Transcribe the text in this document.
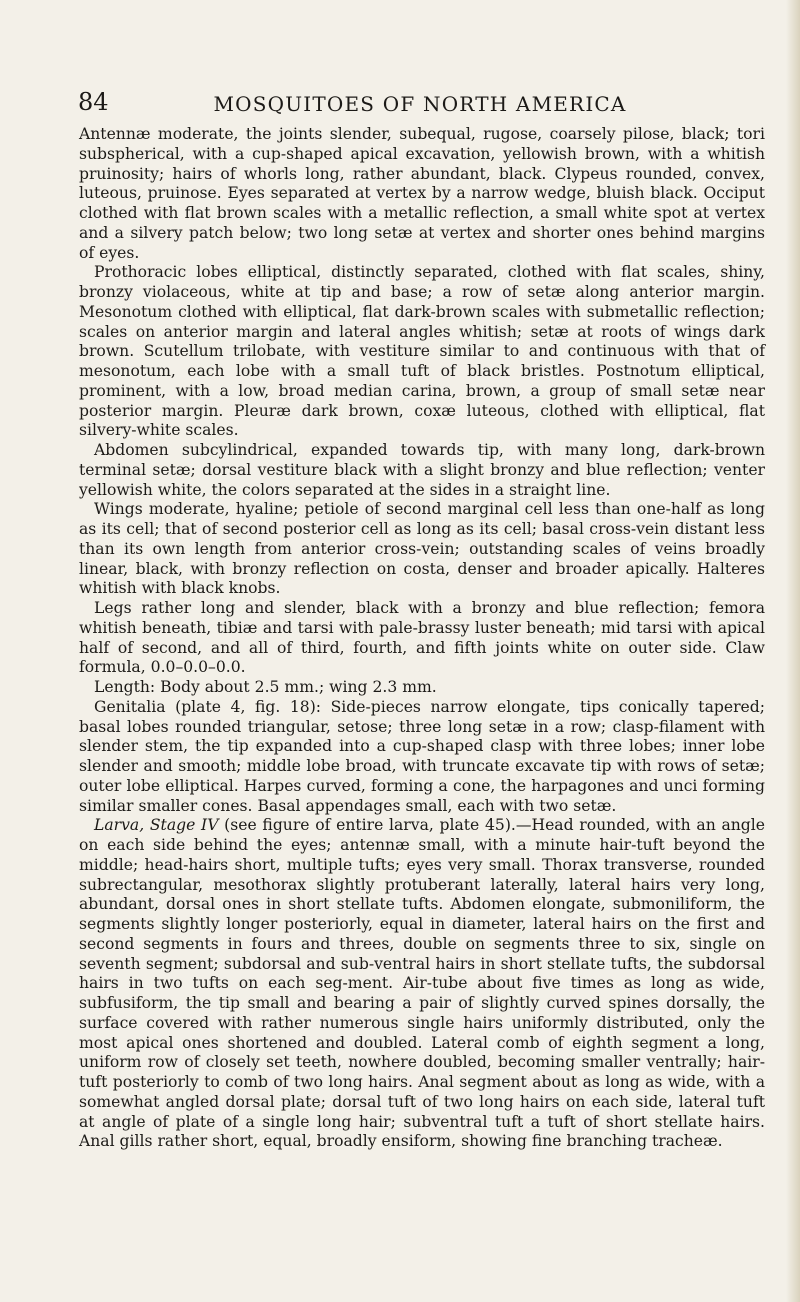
84	MOSQUITOES OF NORTH AMERICA

Antennæ moderate, the joints slender, subequal, rugose, coarsely pilose, black; tori subspherical, with a cup-shaped apical excavation, yellowish brown, with a whitish pruinosity; hairs of whorls long, rather abundant, black. Clypeus rounded, convex, luteous, pruinose. Eyes separated at vertex by a narrow wedge, bluish black. Occiput clothed with flat brown scales with a metallic reflection, a small white spot at vertex and a silvery patch below; two long setæ at vertex and shorter ones behind margins of eyes.

Prothoracic lobes elliptical, distinctly separated, clothed with flat scales, shiny, bronzy violaceous, white at tip and base; a row of setæ along anterior margin. Mesonotum clothed with elliptical, flat dark-brown scales with submetallic reflection; scales on anterior margin and lateral angles whitish; setæ at roots of wings dark brown. Scutellum trilobate, with vestiture similar to and continuous with that of mesonotum, each lobe with a small tuft of black bristles. Postnotum elliptical, prominent, with a low, broad median carina, brown, a group of small setæ near posterior margin. Pleuræ dark brown, coxæ luteous, clothed with elliptical, flat silvery-white scales.

Abdomen subcylindrical, expanded towards tip, with many long, dark-brown terminal setæ; dorsal vestiture black with a slight bronzy and blue reflection; venter yellowish white, the colors separated at the sides in a straight line.

Wings moderate, hyaline; petiole of second marginal cell less than one-half as long as its cell; that of second posterior cell as long as its cell; basal cross-vein distant less than its own length from anterior cross-vein; outstanding scales of veins broadly linear, black, with bronzy reflection on costa, denser and broader apically. Halteres whitish with black knobs.

Legs rather long and slender, black with a bronzy and blue reflection; femora whitish beneath, tibiæ and tarsi with pale-brassy luster beneath; mid tarsi with apical half of second, and all of third, fourth, and fifth joints white on outer side. Claw formula, 0.0–0.0–0.0.

Length: Body about 2.5 mm.; wing 2.3 mm.

Genitalia (plate 4, fig. 18): Side-pieces narrow elongate, tips conically tapered; basal lobes rounded triangular, setose; three long setæ in a row; clasp-filament with slender stem, the tip expanded into a cup-shaped clasp with three lobes; inner lobe slender and smooth; middle lobe broad, with truncate excavate tip with rows of setæ; outer lobe elliptical. Harpes curved, forming a cone, the harpagones and unci forming similar smaller cones. Basal appendages small, each with two setæ.

Larva, Stage IV (see figure of entire larva, plate 45).—Head rounded, with an angle on each side behind the eyes; antennæ small, with a minute hair-tuft beyond the middle; head-hairs short, multiple tufts; eyes very small. Thorax transverse, rounded subrectangular, mesothorax slightly protuberant laterally, lateral hairs very long, abundant, dorsal ones in short stellate tufts. Abdomen elongate, submoniliform, the segments slightly longer posteriorly, equal in diameter, lateral hairs on the first and second segments in fours and threes, double on segments three to six, single on seventh segment; subdorsal and sub-ventral hairs in short stellate tufts, the subdorsal hairs in two tufts on each seg-ment. Air-tube about five times as long as wide, subfusiform, the tip small and bearing a pair of slightly curved spines dorsally, the surface covered with rather numerous single hairs uniformly distributed, only the most apical ones shortened and doubled. Lateral comb of eighth segment a long, uniform row of closely set teeth, nowhere doubled, becoming smaller ventrally; hair-tuft posteriorly to comb of two long hairs. Anal segment about as long as wide, with a somewhat angled dorsal plate; dorsal tuft of two long hairs on each side, lateral tuft at angle of plate of a single long hair; subventral tuft a tuft of short stellate hairs. Anal gills rather short, equal, broadly ensiform, showing fine branching tracheæ.
